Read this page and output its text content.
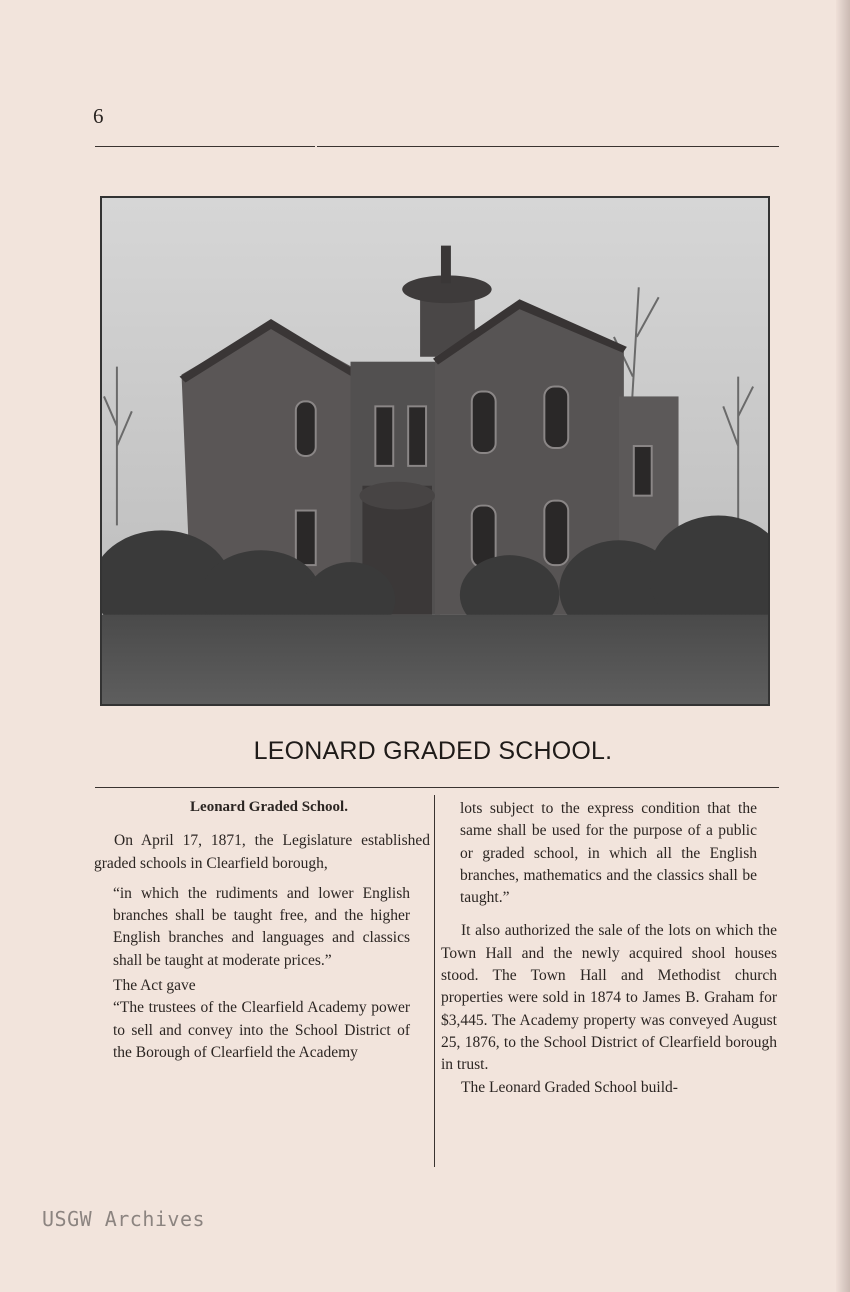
6
LEONARD GRADED SCHOOL.

Leonard Graded School.

On April 17, 1871, the Legislature established graded schools in Clearfield borough,

“in which the rudiments and lower English branches shall be taught free, and the higher English branches and languages and classics shall be taught at moderate prices.”

The Act gave

“The trustees of the Clearfield Academy power to sell and convey into the School District of the Borough of Clearfield the Academy

lots subject to the express condition that the same shall be used for the purpose of a public or graded school, in which all the English branches, mathematics and the classics shall be taught.”

It also authorized the sale of the lots on which the Town Hall and the newly acquired shool houses stood. The Town Hall and Methodist church properties were sold in 1874 to James B. Graham for $3,445. The Academy property was conveyed August 25, 1876, to the School District of Clearfield borough in trust.

The Leonard Graded School build-

USGW Archives
